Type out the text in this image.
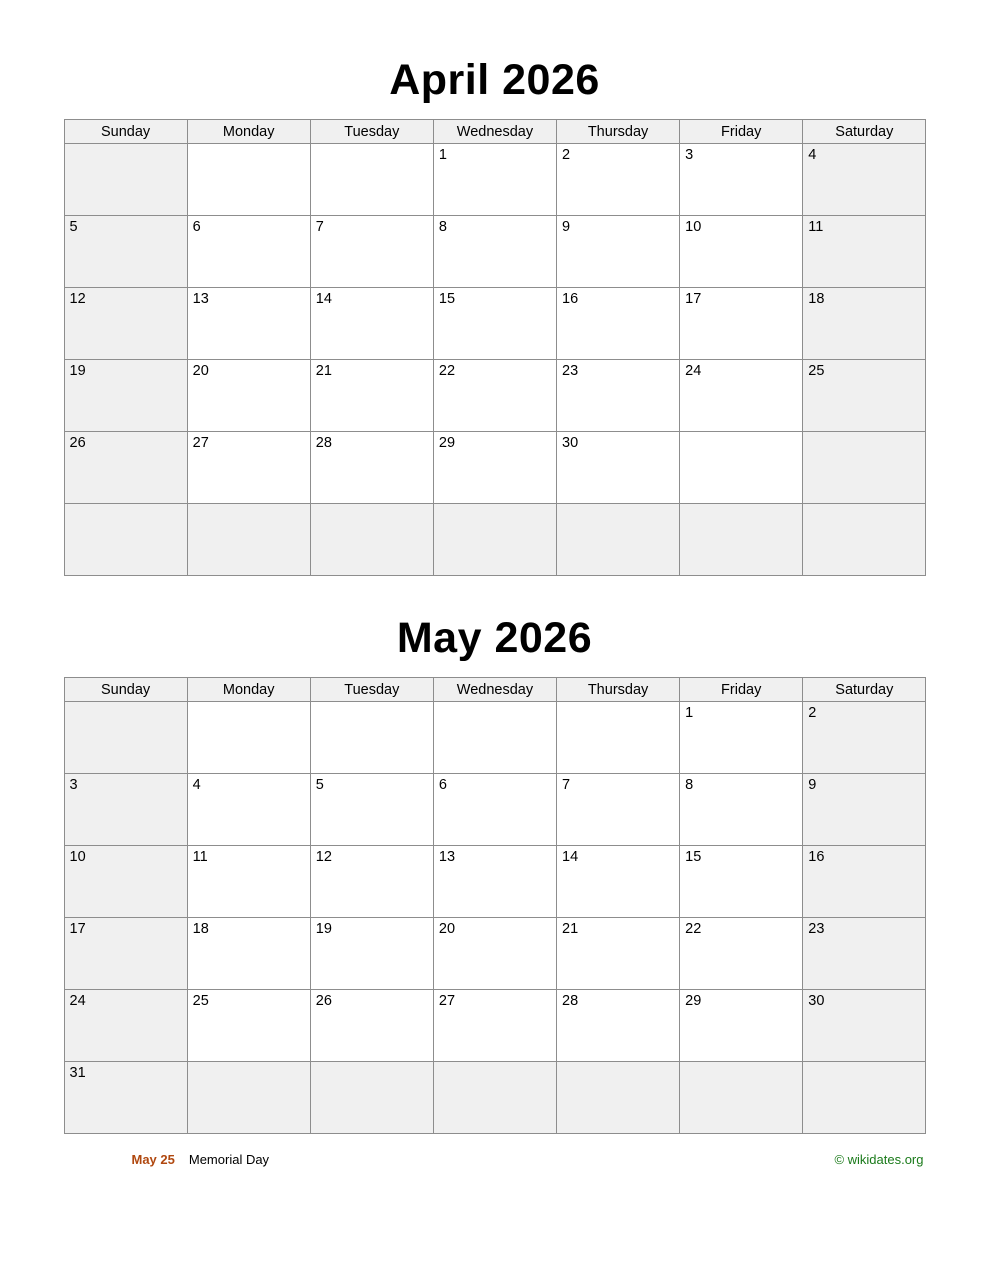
April 2026
Sunday	Monday	Tuesday	Wednesday	Thursday	Friday	Saturday
			1	2	3	4
5	6	7	8	9	10	11
12	13	14	15	16	17	18
19	20	21	22	23	24	25
26	27	28	29	30		

May 2026
Sunday	Monday	Tuesday	Wednesday	Thursday	Friday	Saturday
					1	2
3	4	5	6	7	8	9
10	11	12	13	14	15	16
17	18	19	20	21	22	23
24	25	26	27	28	29	30
31						
May 25 Memorial Day	© wikidates.org
